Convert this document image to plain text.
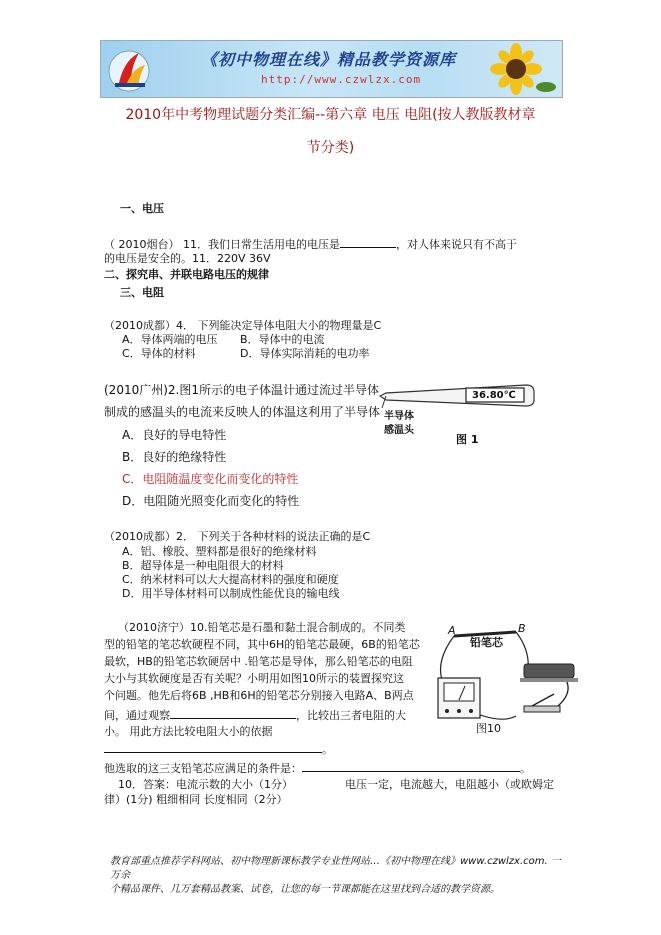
《初中物理在线》精品教学资源库
http://www.czwlzx.com
2010年中考物理试题分类汇编--第六章 电压 电阻(按人教版教材章
节分类)
一、电压
（ 2010烟台） 11．我们日常生活用电的电压是	，对人体来说只有不高于
的电压是安全的。11．220V 36V
二、探究串、并联电路电压的规律
三、电阻
（2010成都）4． 下列能决定导体电阻大小的物理量是C
A．导体两端的电压 B．导体中的电流
C．导体的材料	D．导体实际消耗的电功率
(2010广州)2.图1所示的电子体温计通过流过半导体
制成的感温头的电流来反映人的体温这利用了半导体
A．良好的导电特性
B．良好的绝缘特性
C．电阻随温度变化而变化的特性
D．电阻随光照变化而变化的特性
36.80℃
半导体
感温头
图 1
（2010成都）2． 下列关于各种材料的说法正确的是C
A．铝、橡胶、塑料都是很好的绝缘材料
B．超导体是一种电阻很大的材料
C．纳米材料可以大大提高材料的强度和硬度
D．用半导体材料可以制成性能优良的输电线
（2010济宁）10.铅笔芯是石墨和黏土混合制成的。不同类
型的铅笔的笔芯软硬程不同，其中6H的铅笔芯最硬，6B的铅笔芯
最软，HB的铅笔芯软硬居中 .铅笔芯是导体，那么铅笔芯的电阻
大小与其软硬度是否有关呢？小明用如图10所示的装置探究这
个问题。他先后将6B ,HB和6H的铅笔芯分别接入电路A、B两点
间，通过观察	，比较出三者电阻的大
小。 用此方法比较电阻大小的依据
。
他选取的这三支铅笔芯应满足的条件是：	。
10．答案：电流示数的大小（1分）	电压一定，电流越大，电阻越小（或欧姆定
律）(1分) 粗细相同 长度相同（2分）
A	B
铅笔芯
图10
教育部重点推荐学科网站、初中物理新课标教学专业性网站…《初中物理在线》www.czwlzx.com. 一万余
个精品课件、几万套精品教案、试卷，让您的每一节课都能在这里找到合适的教学资源。
